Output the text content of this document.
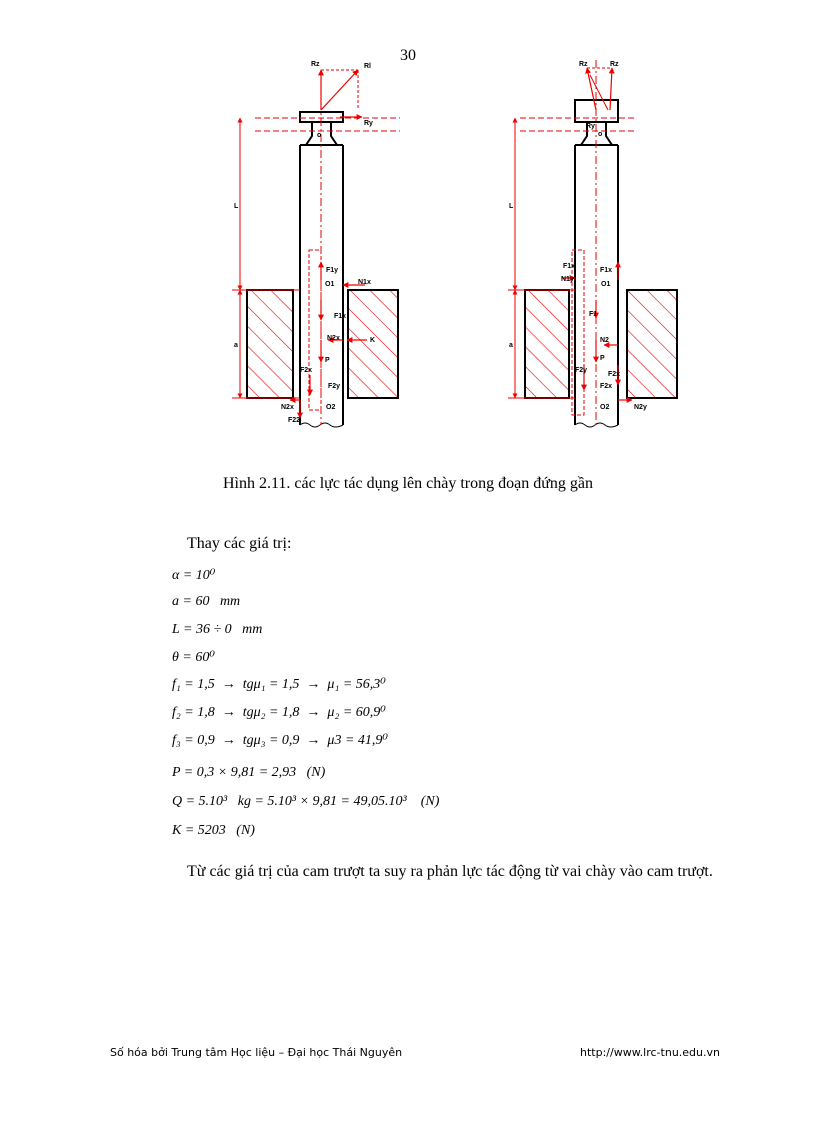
30
Rz	Rl
Ry
o
L
a
F1y
O1	N1x
F1x
N2x	K
P
F2x
F2y
N2x	O2
F22
Rz	Rz
Ry
o
L
a
F1x
N1y
F1x
O1
F1
N2
P
F2y
F2x
F2x
O2	N2y
Hình 2.11. các lực tác dụng lên chày trong đoạn đứng gần
Thay các giá trị:
α = 10⁰
a = 60   mm
L = 36 ÷ 0   mm
θ = 60⁰
f₁ = 1,5  →  tgμ₁ = 1,5  →  μ₁ = 56,3⁰
f₂ = 1,8  →  tgμ₂ = 1,8  →  μ₂ = 60,9⁰
f₃ = 0,9  →  tgμ₃ = 0,9  →  μ3 = 41,9⁰
P = 0,3 × 9,81 = 2,93   (N)
Q = 5.10³   kg = 5.10³ × 9,81 = 49,05.10³    (N)
K = 5203   (N)
Từ các giá trị của cam trượt ta suy ra phản lực tác động từ vai chày vào cam trượt.
Số hóa bởi Trung tâm Học liệu – Đại học Thái Nguyên	http://www.lrc-tnu.edu.vn
